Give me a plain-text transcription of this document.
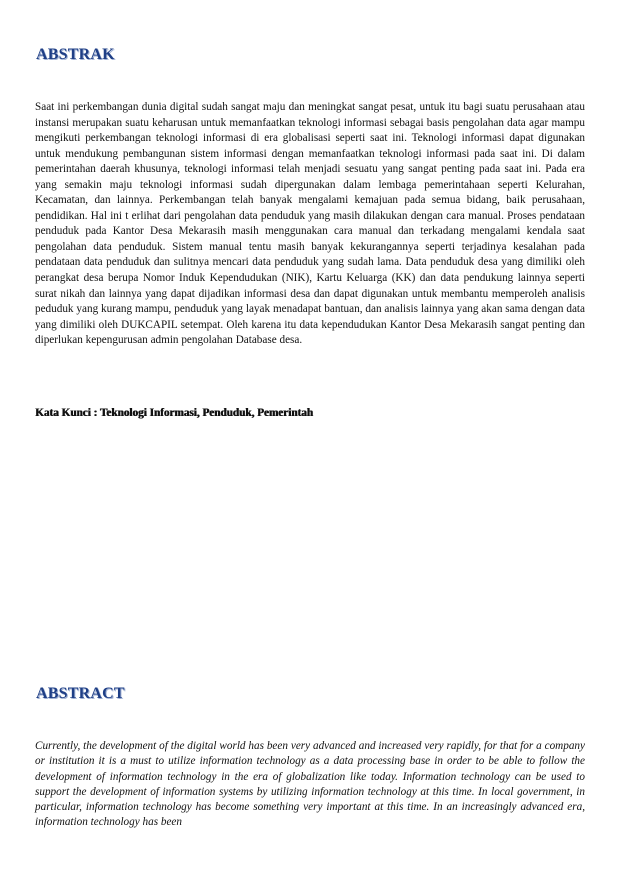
ABSTRAK

Saat ini perkembangan dunia digital sudah sangat maju dan meningkat sangat pesat, untuk itu bagi suatu perusahaan atau instansi merupakan suatu keharusan untuk memanfaatkan teknologi informasi sebagai basis pengolahan data agar mampu mengikuti perkembangan teknologi informasi di era globalisasi seperti saat ini. Teknologi informasi dapat digunakan untuk mendukung pembangunan sistem informasi dengan memanfaatkan teknologi informasi pada saat ini. Di dalam pemerintahan daerah khusunya, teknologi informasi telah menjadi sesuatu yang sangat penting pada saat ini. Pada era yang semakin maju teknologi informasi sudah dipergunakan dalam lembaga pemerintahaan seperti Kelurahan, Kecamatan, dan lainnya. Perkembangan telah banyak mengalami kemajuan pada semua bidang, baik perusahaan, pendidikan. Hal ini t erlihat dari pengolahan data penduduk yang masih dilakukan dengan cara manual. Proses pendataan penduduk pada Kantor Desa Mekarasih masih menggunakan cara manual dan terkadang mengalami kendala saat pengolahan data penduduk. Sistem manual tentu masih banyak kekurangannya seperti terjadinya kesalahan pada pendataan data penduduk dan sulitnya mencari data penduduk yang sudah lama. Data penduduk desa yang dimiliki oleh perangkat desa berupa Nomor Induk Kependudukan (NIK), Kartu Keluarga (KK) dan data pendukung lainnya seperti surat nikah dan lainnya yang dapat dijadikan informasi desa dan dapat digunakan untuk membantu memperoleh analisis peduduk yang kurang mampu, penduduk yang layak menadapat bantuan, dan analisis lainnya yang akan sama dengan data yang dimiliki oleh DUKCAPIL setempat. Oleh karena itu data kependudukan Kantor Desa Mekarasih sangat penting dan diperlukan kepengurusan admin pengolahan Database desa.

Kata Kunci : Teknologi Informasi, Penduduk, Pemerintah

ABSTRACT

Currently, the development of the digital world has been very advanced and increased very rapidly, for that for a company or institution it is a must to utilize information technology as a data processing base in order to be able to follow the development of information technology in the era of globalization like today. Information technology can be used to support the development of information systems by utilizing information technology at this time. In local government, in particular, information technology has become something very important at this time. In an increasingly advanced era, information technology has been
